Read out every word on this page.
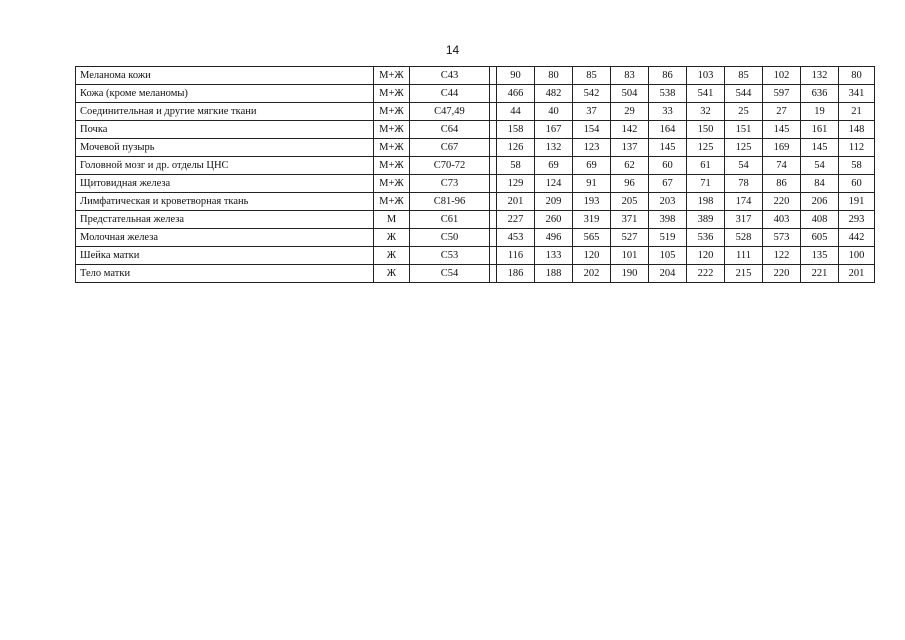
14
Меланома кожи	М+Ж	C43		90	80	85	83	86	103	85	102	132	80
Кожа (кроме меланомы)	М+Ж	C44		466	482	542	504	538	541	544	597	636	341
Соединительная и другие мягкие ткани	М+Ж	C47,49		44	40	37	29	33	32	25	27	19	21
Почка	М+Ж	C64		158	167	154	142	164	150	151	145	161	148
Мочевой пузырь	М+Ж	C67		126	132	123	137	145	125	125	169	145	112
Головной мозг и др. отделы ЦНС	М+Ж	C70-72		58	69	69	62	60	61	54	74	54	58
Щитовидная железа	М+Ж	C73		129	124	91	96	67	71	78	86	84	60
Лимфатическая и кроветворная ткань	М+Ж	C81-96		201	209	193	205	203	198	174	220	206	191
Предстательная железа	М	C61		227	260	319	371	398	389	317	403	408	293
Молочная железа	Ж	C50		453	496	565	527	519	536	528	573	605	442
Шейка матки	Ж	C53		116	133	120	101	105	120	111	122	135	100
Тело матки	Ж	C54		186	188	202	190	204	222	215	220	221	201
